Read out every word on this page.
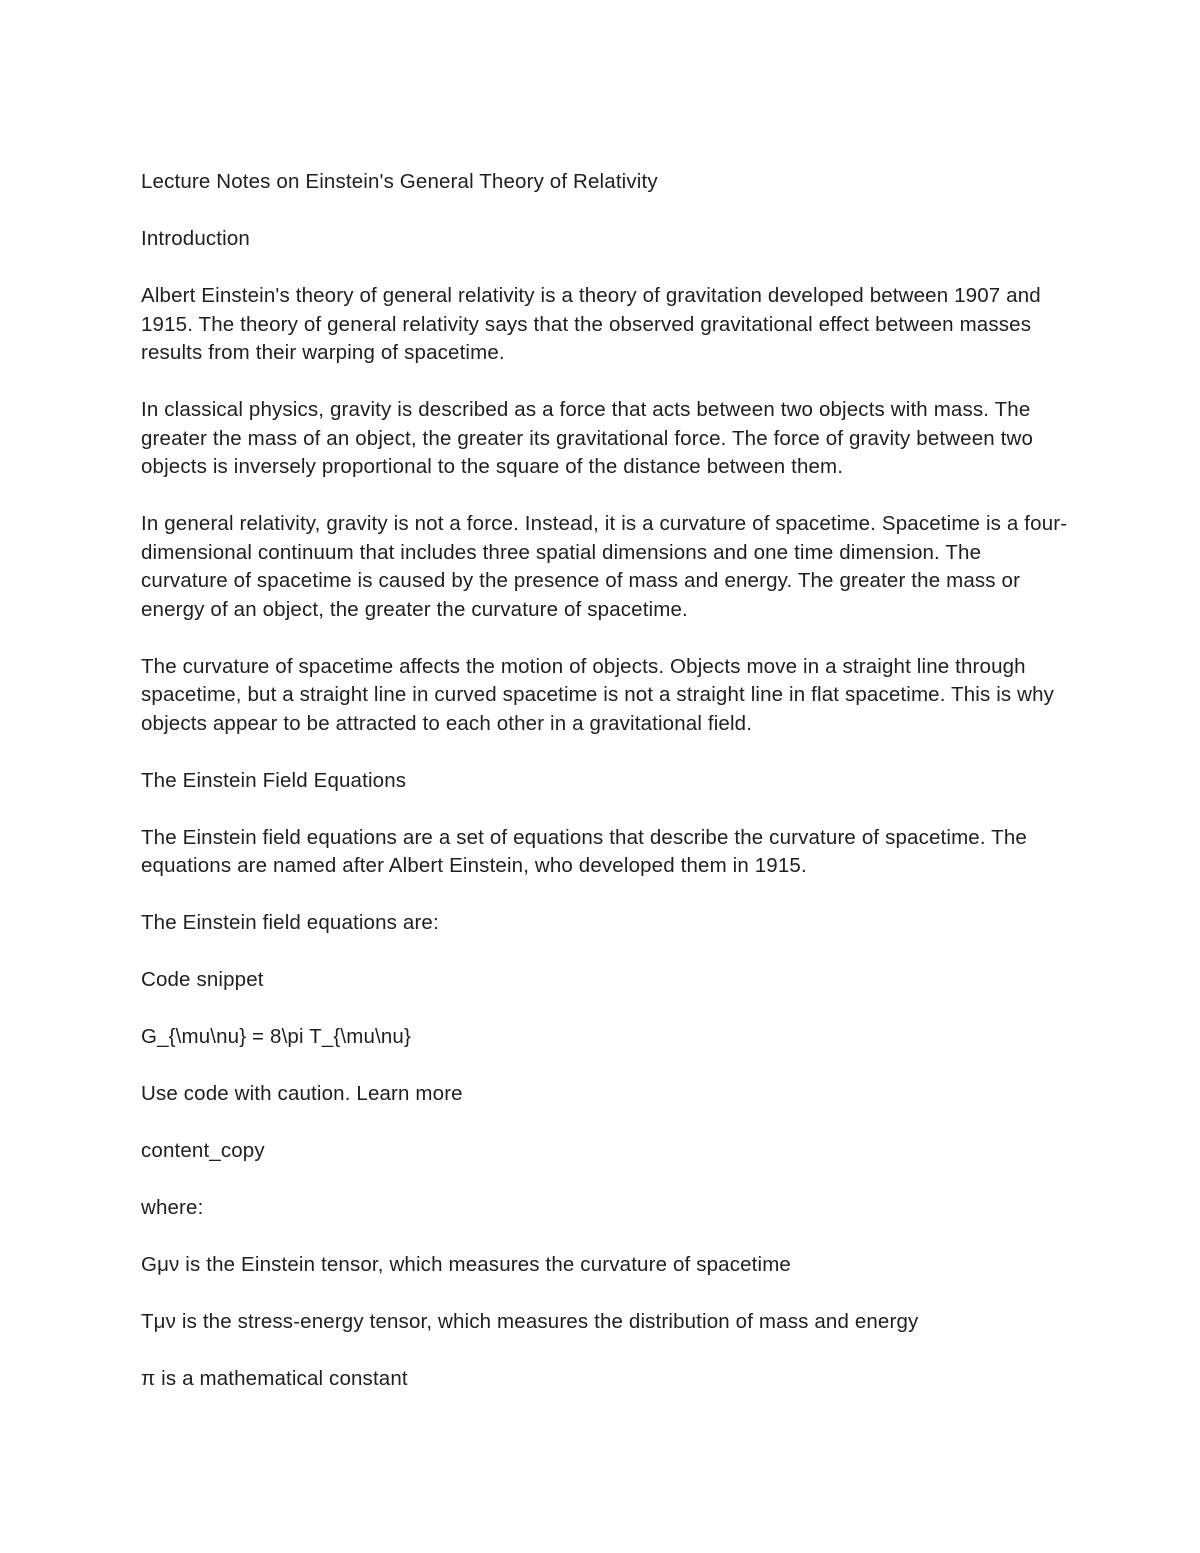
Lecture Notes on Einstein's General Theory of Relativity

Introduction

Albert Einstein's theory of general relativity is a theory of gravitation developed between 1907 and 1915. The theory of general relativity says that the observed gravitational effect between masses results from their warping of spacetime.

In classical physics, gravity is described as a force that acts between two objects with mass. The greater the mass of an object, the greater its gravitational force. The force of gravity between two objects is inversely proportional to the square of the distance between them.

In general relativity, gravity is not a force. Instead, it is a curvature of spacetime. Spacetime is a four-dimensional continuum that includes three spatial dimensions and one time dimension. The curvature of spacetime is caused by the presence of mass and energy. The greater the mass or energy of an object, the greater the curvature of spacetime.

The curvature of spacetime affects the motion of objects. Objects move in a straight line through spacetime, but a straight line in curved spacetime is not a straight line in flat spacetime. This is why objects appear to be attracted to each other in a gravitational field.

The Einstein Field Equations

The Einstein field equations are a set of equations that describe the curvature of spacetime. The equations are named after Albert Einstein, who developed them in 1915.

The Einstein field equations are:

Code snippet

G_{\mu\nu} = 8\pi T_{\mu\nu}

Use code with caution. Learn more

content_copy

where:

Gμν is the Einstein tensor, which measures the curvature of spacetime

Tμν is the stress-energy tensor, which measures the distribution of mass and energy

π is a mathematical constant
